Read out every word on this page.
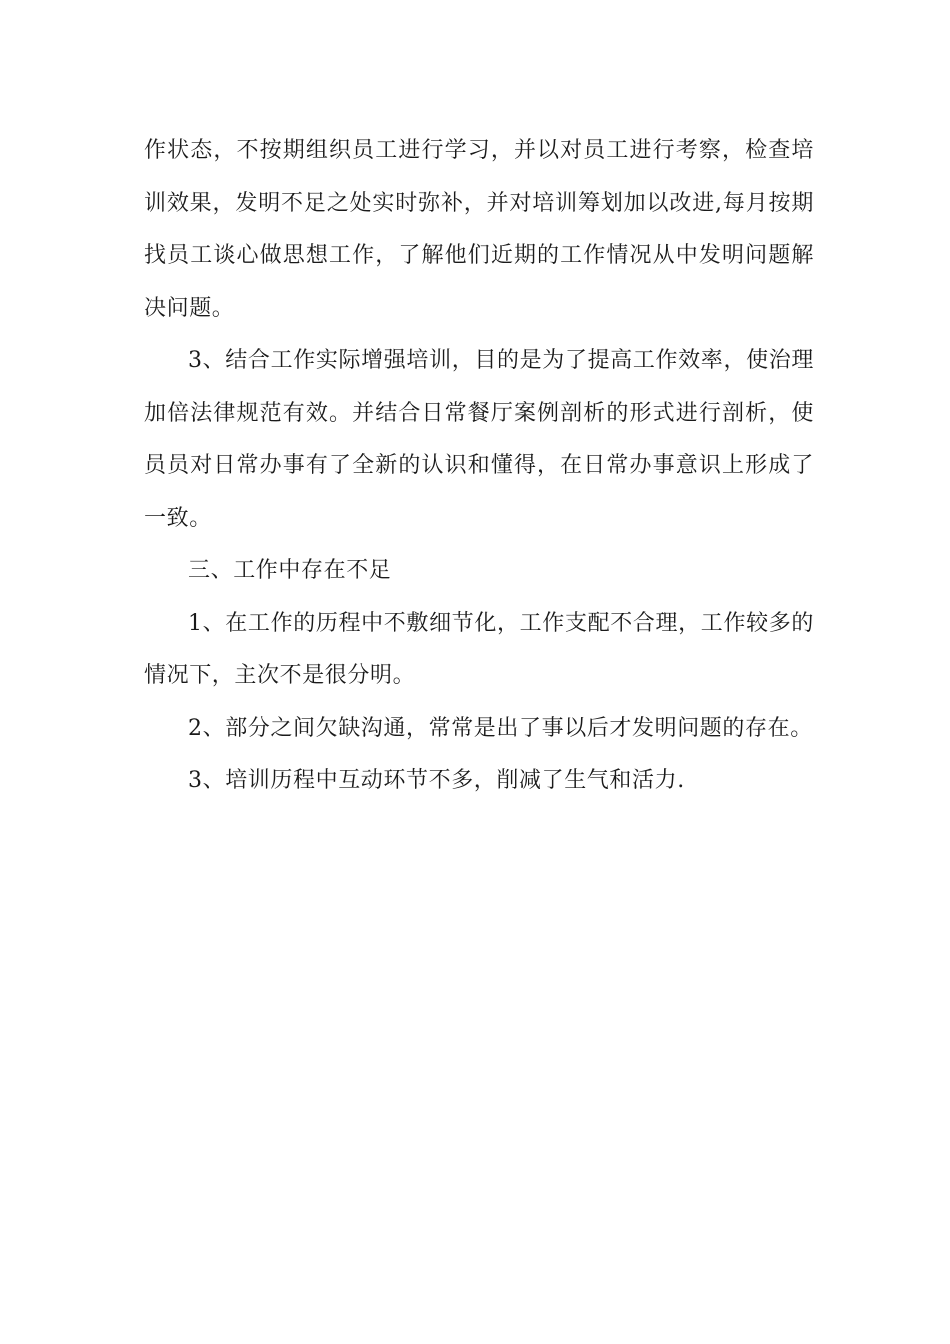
作状态，不按期组织员工进行学习，并以对员工进行考察，检查培训效果，发明不足之处实时弥补，并对培训筹划加以改进,每月按期找员工谈心做思想工作，了解他们近期的工作情况从中发明问题解决问题。

3、结合工作实际增强培训，目的是为了提高工作效率，使治理加倍法律规范有效。并结合日常餐厅案例剖析的形式进行剖析，使员员对日常办事有了全新的认识和懂得，在日常办事意识上形成了一致。

三、工作中存在不足

1、在工作的历程中不敷细节化，工作支配不合理，工作较多的情况下，主次不是很分明。

2、部分之间欠缺沟通，常常是出了事以后才发明问题的存在。

3、培训历程中互动环节不多，削减了生气和活力.
